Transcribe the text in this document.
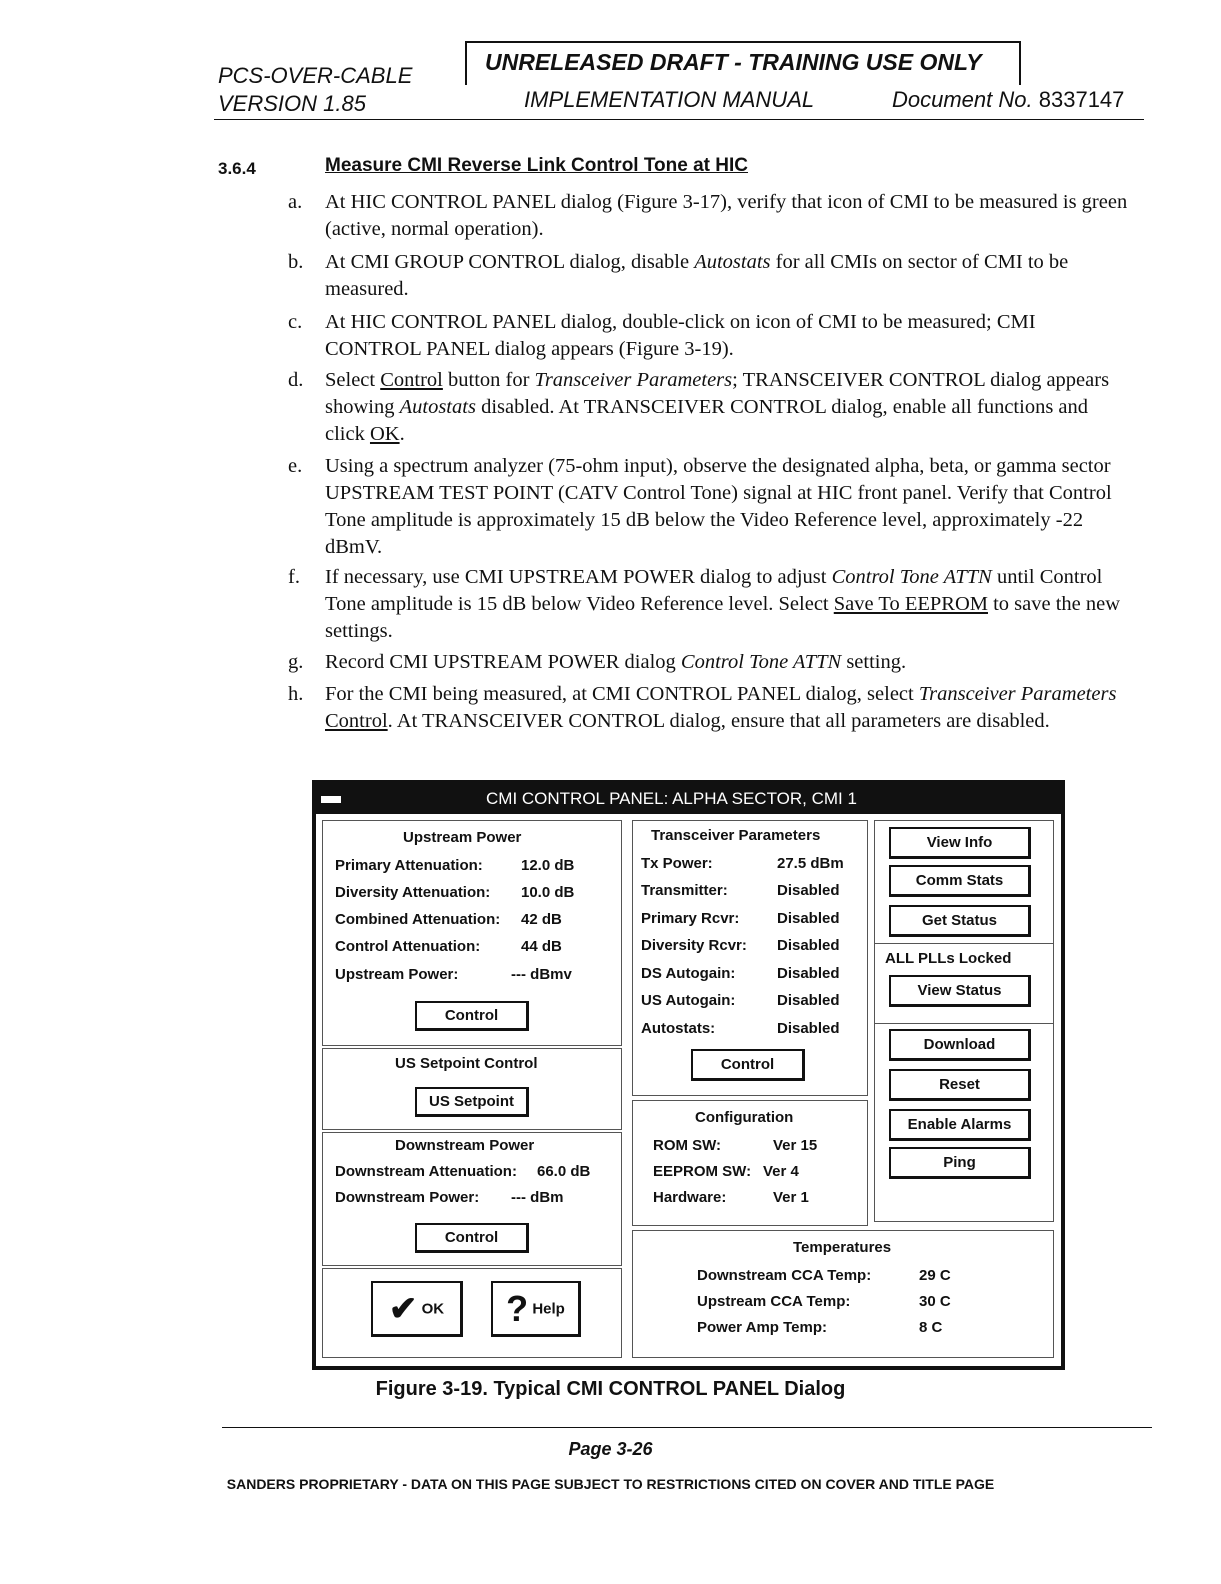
PCS-OVER-CABLE
VERSION 1.85
UNRELEASED DRAFT - TRAINING USE ONLY
IMPLEMENTATION MANUAL	Document No. 8337147
3.6.4	Measure CMI Reverse Link Control Tone at HIC
a.	At HIC CONTROL PANEL dialog (Figure 3-17), verify that icon of CMI to be measured is green (active, normal operation).
b.	At CMI GROUP CONTROL dialog, disable Autostats for all CMIs on sector of CMI to be measured.
c.	At HIC CONTROL PANEL dialog, double-click on icon of CMI to be measured; CMI CONTROL PANEL dialog appears (Figure 3-19).
d.	Select Control button for Transceiver Parameters; TRANSCEIVER CONTROL dialog appears showing Autostats disabled. At TRANSCEIVER CONTROL dialog, enable all functions and click OK.
e.	Using a spectrum analyzer (75-ohm input), observe the designated alpha, beta, or gamma sector UPSTREAM TEST POINT (CATV Control Tone) signal at HIC front panel. Verify that Control Tone amplitude is approximately 15 dB below the Video Reference level, approximately -22 dBmV.
f.	If necessary, use CMI UPSTREAM POWER dialog to adjust Control Tone ATTN until Control Tone amplitude is 15 dB below Video Reference level. Select Save To EEPROM to save the new settings.
g.	Record CMI UPSTREAM POWER dialog Control Tone ATTN setting.
h.	For the CMI being measured, at CMI CONTROL PANEL dialog, select Transceiver Parameters Control. At TRANSCEIVER CONTROL dialog, ensure that all parameters are disabled.
CMI CONTROL PANEL: ALPHA SECTOR, CMI 1
Upstream Power
Primary Attenuation:	12.0 dB
Diversity Attenuation: 10.0 dB
Combined Attenuation: 42 dB
Control Attenuation:	44 dB
Upstream Power:	--- dBmv
Control
US Setpoint Control
US Setpoint
Downstream Power
Downstream Attenuation: 66.0 dB
Downstream Power: --- dBm
Control
✔ OK	? Help
Transceiver Parameters
Tx Power:	27.5 dBm
Transmitter:	Disabled
Primary Rcvr:	Disabled
Diversity Rcvr: Disabled
DS Autogain:	Disabled
US Autogain:	Disabled
Autostats:	Disabled
Control
Configuration
ROM SW:	Ver 15
EEPROM SW: Ver 4
Hardware:	Ver 1
Temperatures
Downstream CCA Temp:	29 C
Upstream CCA Temp:	30 C
Power Amp Temp:	8 C
View Info
Comm Stats
Get Status
ALL PLLs Locked
View Status
Download
Reset
Enable Alarms
Ping
Figure 3-19. Typical CMI CONTROL PANEL Dialog
Page 3-26
SANDERS PROPRIETARY - DATA ON THIS PAGE SUBJECT TO RESTRICTIONS CITED ON COVER AND TITLE PAGE
